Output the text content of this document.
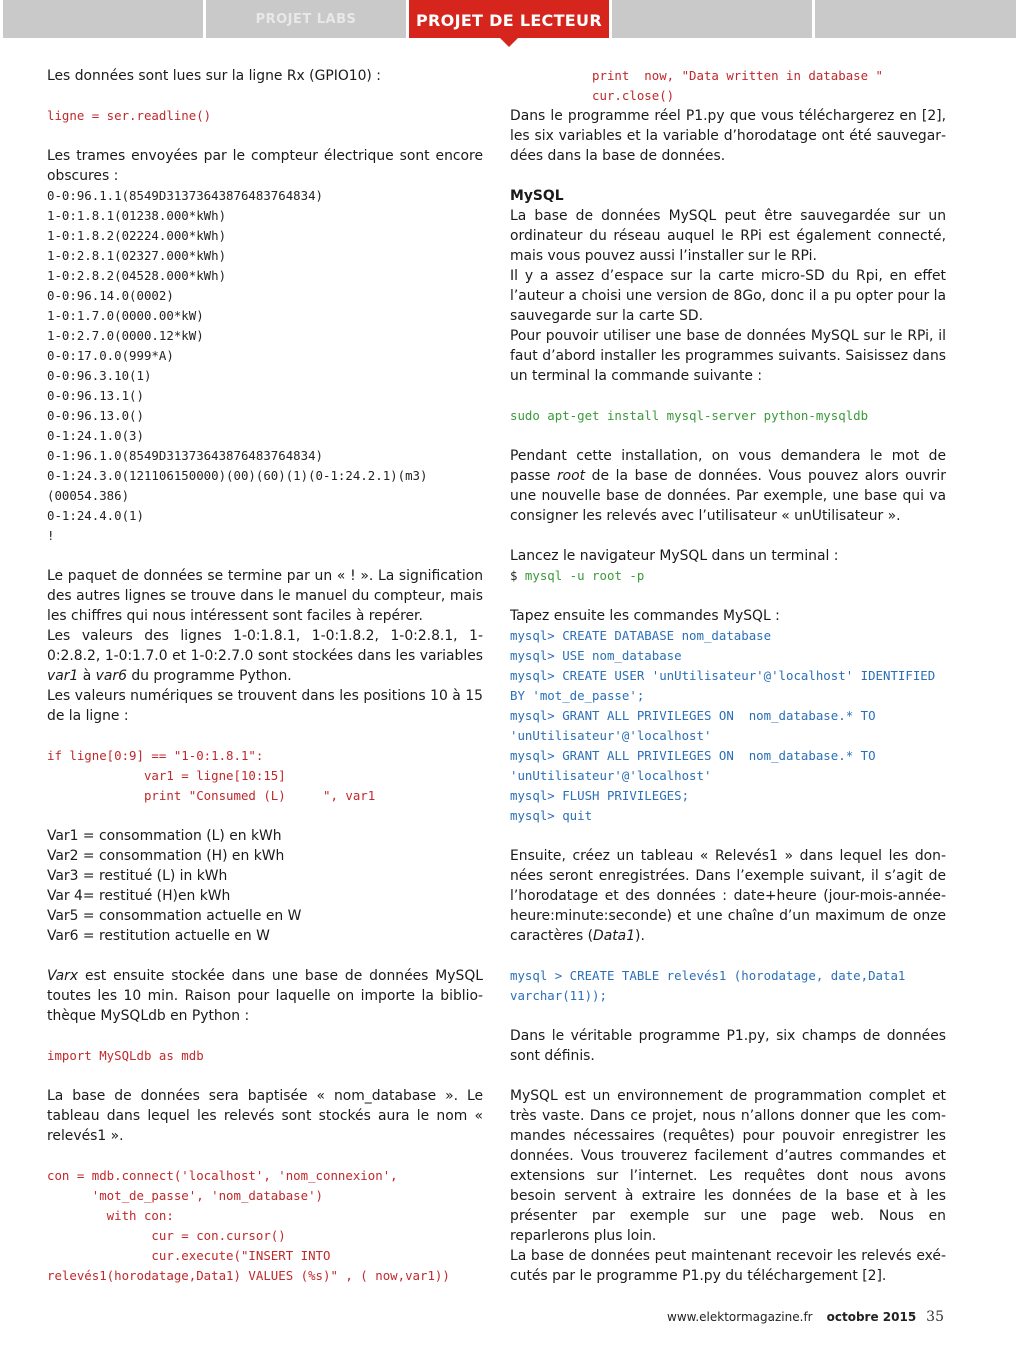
PROJET LABS	PROJET DE LECTEUR

Les données sont lues sur la ligne Rx (GPIO10) :

ligne = ser.readline()

Les trames envoyées par le compteur électrique sont encore obscures :

0-0:96.1.1(8549D31373643876483764834)

1-0:1.8.1(01238.000*kWh)

1-0:1.8.2(02224.000*kWh)

1-0:2.8.1(02327.000*kWh)

1-0:2.8.2(04528.000*kWh)

0-0:96.14.0(0002)

1-0:1.7.0(0000.00*kW)

1-0:2.7.0(0000.12*kW)

0-0:17.0.0(999*A)

0-0:96.3.10(1)

0-0:96.13.1()

0-0:96.13.0()

0-1:24.1.0(3)

0-1:96.1.0(8549D31373643876483764834)

0-1:24.3.0(121106150000)(00)(60)(1)(0-1:24.2.1)(m3)

(00054.386)

0-1:24.4.0(1)

!

Le paquet de données se termine par un « ! ». La signification des autres lignes se trouve dans le manuel du compteur, mais les chiffres qui nous intéressent sont faciles à repérer.

Les valeurs des lignes 1-0:1.8.1, 1-0:1.8.2, 1-0:2.8.1, 1-0:2.8.2, 1-0:1.7.0 et 1-0:2.7.0 sont stockées dans les variables var1 à var6 du programme Python.

Les valeurs numériques se trouvent dans les positions 10 à 15 de la ligne :

if ligne[0:9] == "1-0:1.8.1":

var1 = ligne[10:15]

print "Consumed (L)     ", var1

Var1 = consommation (L) en kWh

Var2 = consommation (H) en kWh

Var3 = restitué (L) in kWh

Var 4= restitué (H)en kWh

Var5 = consommation actuelle en W

Var6 = restitution actuelle en W

Varx est ensuite stockée dans une base de données MySQL toutes les 10 min. Raison pour laquelle on importe la bibliothèque MySQLdb en Python :

import MySQLdb as mdb

La base de données sera baptisée « nom_database ». Le tableau dans lequel les relevés sont stockés aura le nom « relevés1 ».

con = mdb.connect('localhost', 'nom_connexion',

'mot_de_passe', 'nom_database')

with con:

cur = con.cursor()

cur.execute("INSERT INTO

relevés1(horodatage,Data1) VALUES (%s)" , ( now,var1))

print  now, "Data written in database "

cur.close()

Dans le programme réel P1.py que vous téléchargerez en [2], les six variables et la variable d’horodatage ont été sauvegardées dans la base de données.

MySQL

La base de données MySQL peut être sauvegardée sur un ordinateur du réseau auquel le RPi est également connecté, mais vous pouvez aussi l’installer sur le RPi.

Il y a assez d’espace sur la carte micro-SD du Rpi, en effet l’auteur a choisi une version de 8Go, donc il a pu opter pour la sauvegarde sur la carte SD.

Pour pouvoir utiliser une base de données MySQL sur le RPi, il faut d’abord installer les programmes suivants. Saisissez dans un terminal la commande suivante :

sudo apt-get install mysql-server python-mysqldb

Pendant cette installation, on vous demandera le mot de passe root de la base de données. Vous pouvez alors ouvrir une nouvelle base de données. Par exemple, une base qui va consigner les relevés avec l’utilisateur « unUtilisateur ».

Lancez le navigateur MySQL dans un terminal :

$ mysql -u root -p

Tapez ensuite les commandes MySQL :

mysql> CREATE DATABASE nom_database

mysql> USE nom_database

mysql> CREATE USER 'unUtilisateur'@'localhost' IDENTIFIED

BY 'mot_de_passe';

mysql> GRANT ALL PRIVILEGES ON  nom_database.* TO

'unUtilisateur'@'localhost'

mysql> GRANT ALL PRIVILEGES ON  nom_database.* TO

'unUtilisateur'@'localhost'

mysql> FLUSH PRIVILEGES;

mysql> quit

Ensuite, créez un tableau « Relevés1 » dans lequel les données seront enregistrées. Dans l’exemple suivant, il s’agit de l’horodatage et des données : date+heure (jour-mois-année-heure:minute:seconde) et une chaîne d’un maximum de onze caractères (Data1).

mysql > CREATE TABLE relevés1 (horodatage, date,Data1

varchar(11));

Dans le véritable programme P1.py, six champs de données sont définis.

MySQL est un environnement de programmation complet et très vaste. Dans ce projet, nous n’allons donner que les commandes nécessaires (requêtes) pour pouvoir enregistrer les données. Vous trouverez facilement d’autres commandes et extensions sur l’internet. Les requêtes dont nous avons besoin servent à extraire les données de la base et à les présenter par exemple sur une page web. Nous en reparlerons plus loin.

La base de données peut maintenant recevoir les relevés exécutés par le programme P1.py du téléchargement [2].

www.elektormagazine.fr octobre 2015 35
